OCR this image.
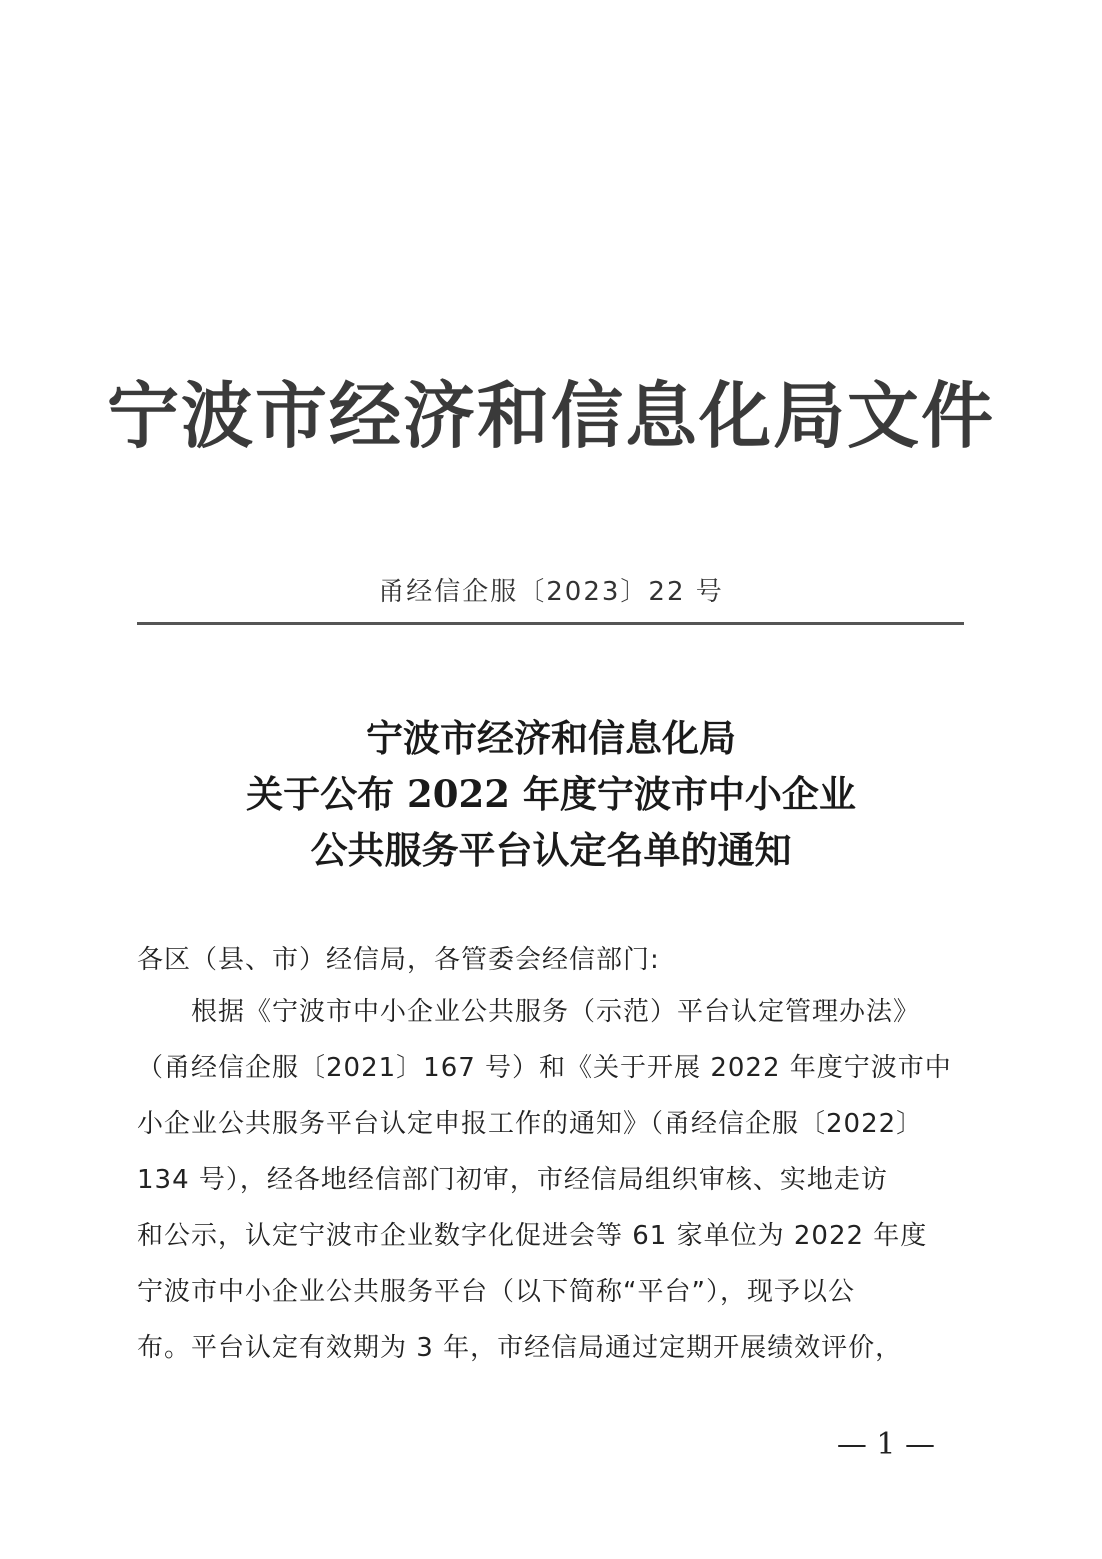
宁波市经济和信息化局文件
甬经信企服〔2023〕22 号
宁波市经济和信息化局
关于公布 2022 年度宁波市中小企业
公共服务平台认定名单的通知
各区（县、市）经信局，各管委会经信部门:
　　根据《宁波市中小企业公共服务（示范）平台认定管理办法》
（甬经信企服〔2021〕167 号）和《关于开展 2022 年度宁波市中
小企业公共服务平台认定申报工作的通知》（甬经信企服〔2022〕
134 号），经各地经信部门初审，市经信局组织审核、实地走访
和公示，认定宁波市企业数字化促进会等 61 家单位为 2022 年度
宁波市中小企业公共服务平台（以下简称“平台”），现予以公
布。平台认定有效期为 3 年，市经信局通过定期开展绩效评价，
— 1 —
